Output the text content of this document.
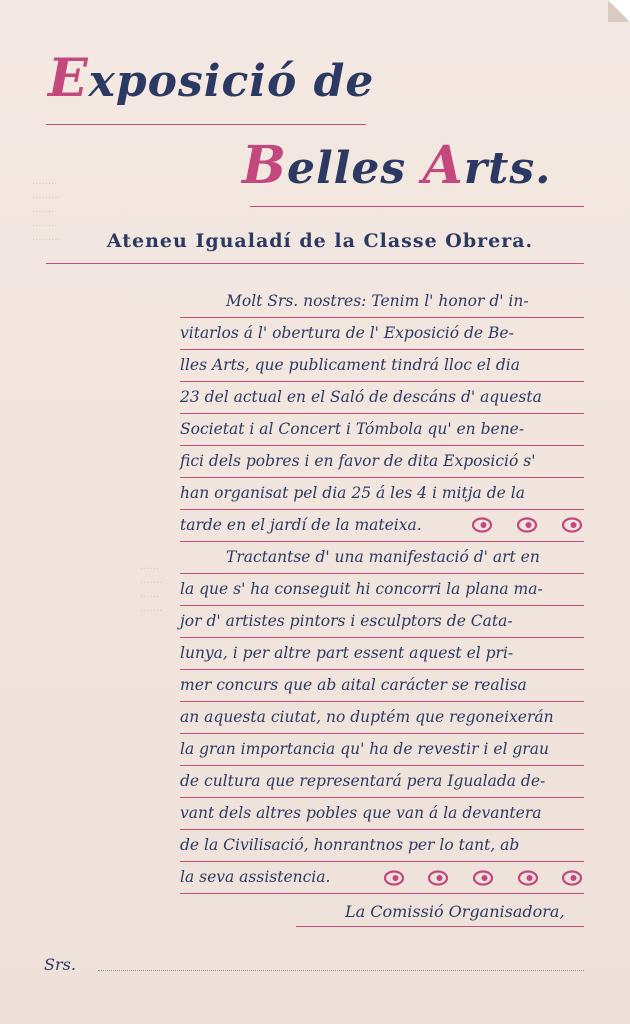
........
.........
.......
........
.........
......
.......
......
.......
Exposició de
Belles Arts.
Ateneu Igualadí de la Classe Obrera.
Molt Srs. nostres: Tenim l' honor d' in-
vitarlos á l' obertura de l' Exposició de Be-
lles Arts, que publicament tindrá lloc el dia
23 del actual en el Saló de descáns d' aquesta
Societat i al Concert i Tómbola qu' en bene-
fici dels pobres i en favor de dita Exposició s'
han organisat pel dia 25 á les 4 i mitja de la
tarde en el jardí de la mateixa.
Tractantse d' una manifestació d' art en
la que s' ha conseguit hi concorri la plana ma-
jor d' artistes pintors i esculptors de Cata-
lunya, i per altre part essent aquest el pri-
mer concurs que ab aital carácter se realisa
an aquesta ciutat, no duptém que regoneixerán
la gran importancia qu' ha de revestir i el grau
de cultura que representará pera Igualada de-
vant dels altres pobles que van á la devantera
de la Civilisació, honrantnos per lo tant, ab
la seva assistencia.
La Comissió Organisadora,
Srs.
